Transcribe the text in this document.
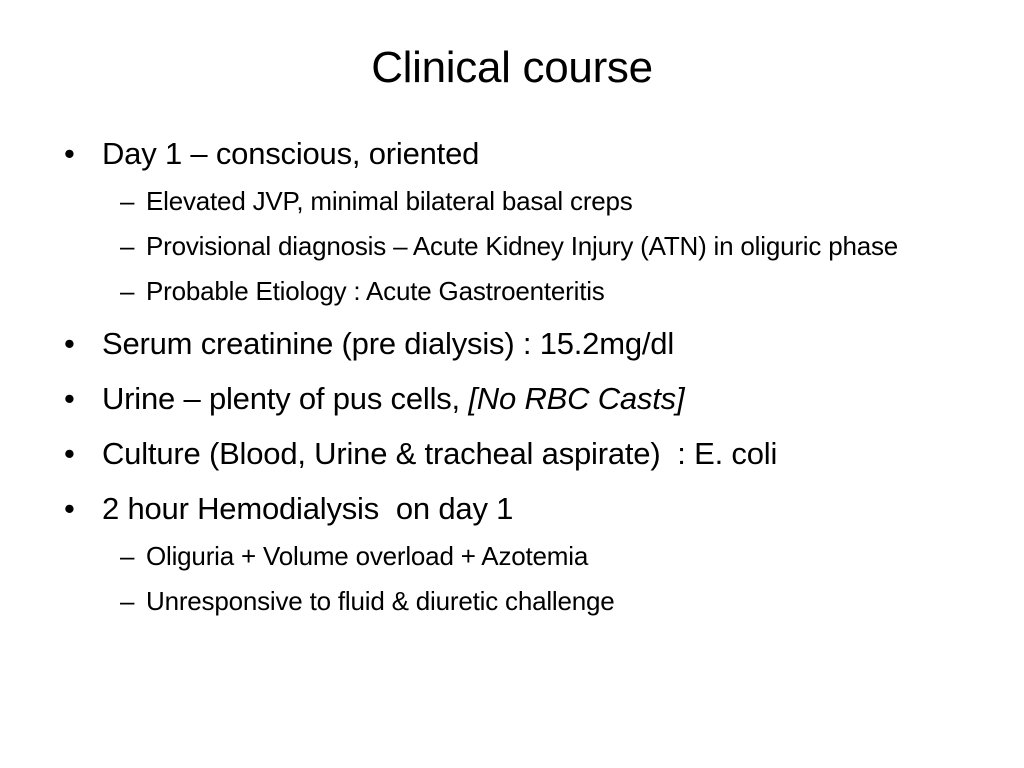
Clinical course
• Day 1 – conscious, oriented
– Elevated JVP, minimal bilateral basal creps
– Provisional diagnosis – Acute Kidney Injury (ATN) in oliguric phase
– Probable Etiology : Acute Gastroenteritis
• Serum creatinine (pre dialysis) : 15.2mg/dl
• Urine – plenty of pus cells, [No RBC Casts]
• Culture (Blood, Urine & tracheal aspirate)  : E. coli
• 2 hour Hemodialysis  on day 1
– Oliguria + Volume overload + Azotemia
– Unresponsive to fluid & diuretic challenge
